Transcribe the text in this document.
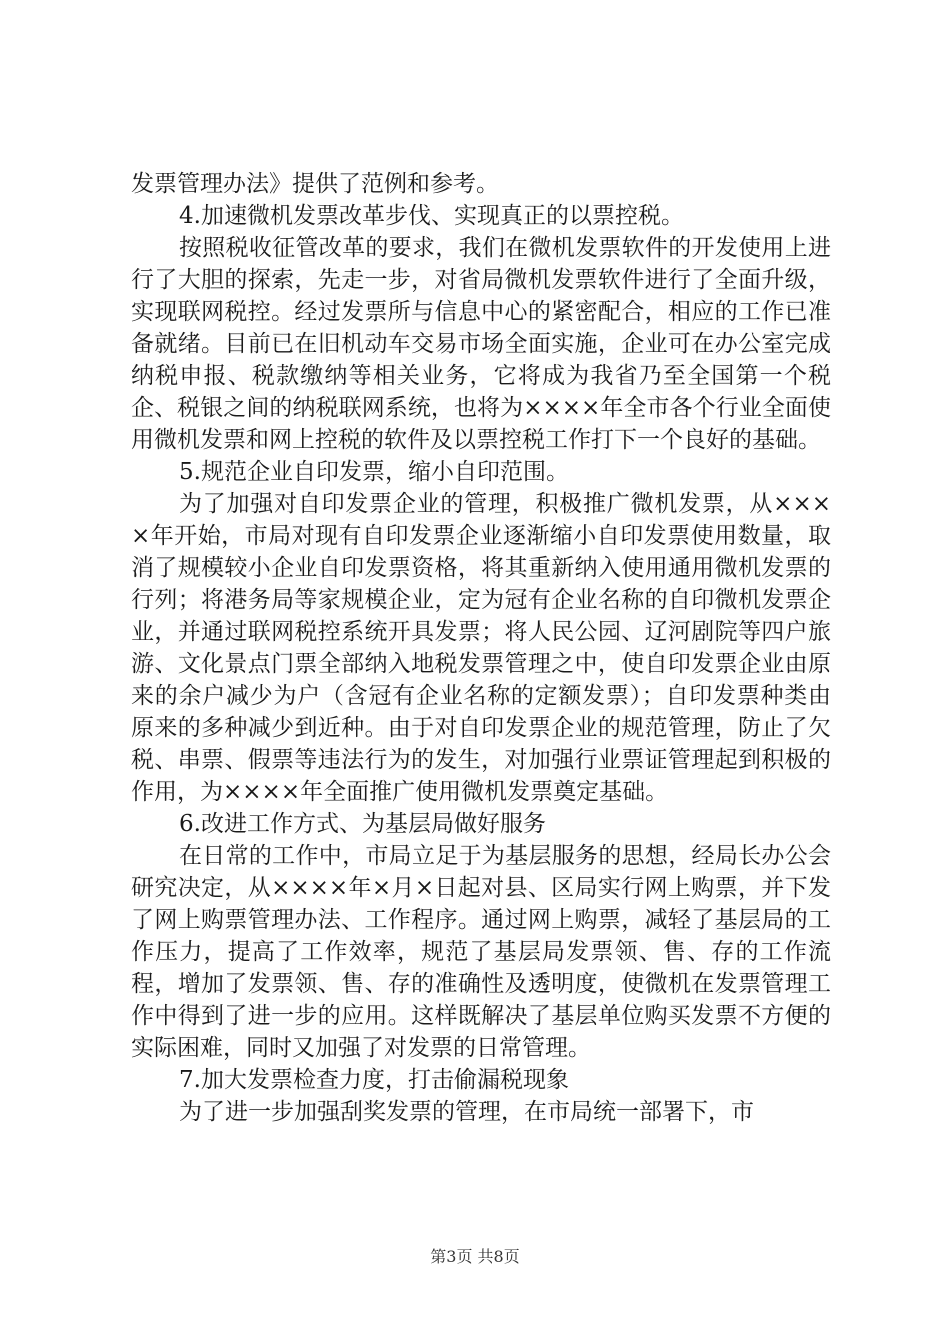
发票管理办法》提供了范例和参考。

4.加速微机发票改革步伐、实现真正的以票控税。

按照税收征管改革的要求，我们在微机发票软件的开发使用上进行了大胆的探索，先走一步，对省局微机发票软件进行了全面升级，实现联网税控。经过发票所与信息中心的紧密配合，相应的工作已准备就绪。目前已在旧机动车交易市场全面实施，企业可在办公室完成纳税申报、税款缴纳等相关业务，它将成为我省乃至全国第一个税企、税银之间的纳税联网系统，也将为××××年全市各个行业全面使用微机发票和网上控税的软件及以票控税工作打下一个良好的基础。

5.规范企业自印发票，缩小自印范围。

为了加强对自印发票企业的管理，积极推广微机发票，从××××年开始，市局对现有自印发票企业逐渐缩小自印发票使用数量，取消了规模较小企业自印发票资格，将其重新纳入使用通用微机发票的行列；将港务局等家规模企业，定为冠有企业名称的自印微机发票企业，并通过联网税控系统开具发票；将人民公园、辽河剧院等四户旅游、文化景点门票全部纳入地税发票管理之中，使自印发票企业由原来的余户减少为户（含冠有企业名称的定额发票）；自印发票种类由原来的多种减少到近种。由于对自印发票企业的规范管理，防止了欠税、串票、假票等违法行为的发生，对加强行业票证管理起到积极的作用，为××××年全面推广使用微机发票奠定基础。

6.改进工作方式、为基层局做好服务

在日常的工作中，市局立足于为基层服务的思想，经局长办公会研究决定，从××××年×月×日起对县、区局实行网上购票，并下发了网上购票管理办法、工作程序。通过网上购票，减轻了基层局的工作压力，提高了工作效率，规范了基层局发票领、售、存的工作流程，增加了发票领、售、存的准确性及透明度，使微机在发票管理工作中得到了进一步的应用。这样既解决了基层单位购买发票不方便的实际困难，同时又加强了对发票的日常管理。

7.加大发票检查力度，打击偷漏税现象

为了进一步加强刮奖发票的管理，在市局统一部署下，市

第3页 共8页
